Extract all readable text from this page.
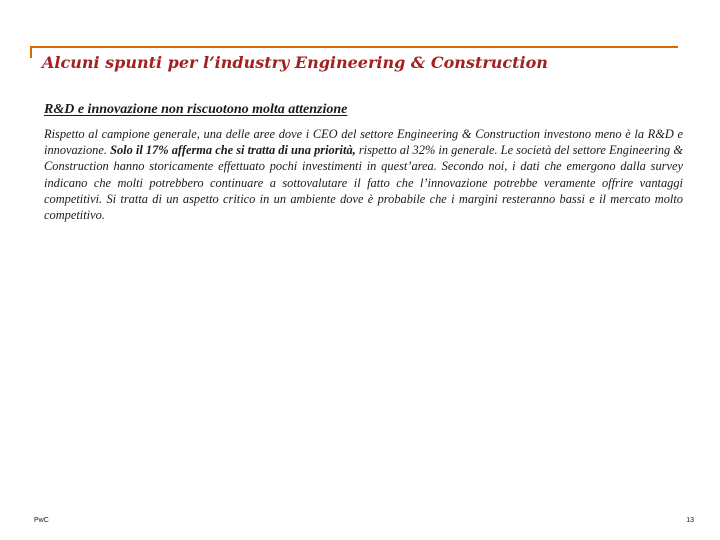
Alcuni spunti per l’industry Engineering & Construction
R&D e innovazione non riscuotono molta attenzione

Rispetto al campione generale, una delle aree dove i CEO del settore Engineering & Construction investono meno è la R&D e innovazione. Solo il 17% afferma che si tratta di una priorità, rispetto al 32% in generale. Le società del settore Engineering & Construction hanno storicamente effettuato pochi investimenti in quest’area. Secondo noi, i dati che emergono dalla survey indicano che molti potrebbero continuare a sottovalutare il fatto che l’innovazione potrebbe veramente offrire vantaggi competitivi. Si tratta di un aspetto critico in un ambiente dove è probabile che i margini resteranno bassi e il mercato molto competitivo.

PwC	13
